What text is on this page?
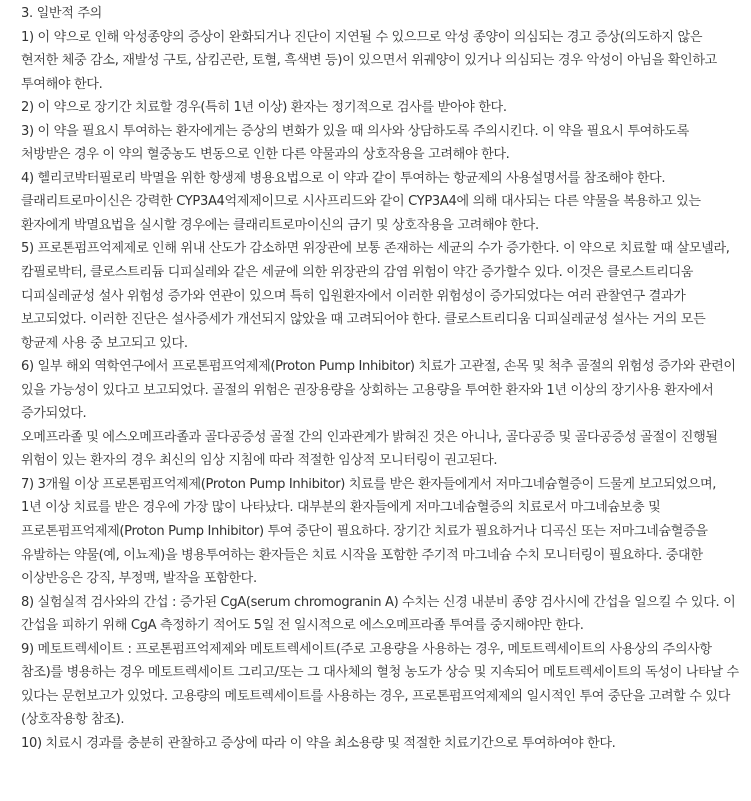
3. 일반적 주의

1) 이 약으로 인해 악성종양의 증상이 완화되거나 진단이 지연될 수 있으므로 악성 종양이 의심되는 경고 증상(의도하지 않은 현저한 체중 감소, 재발성 구토, 삼킴곤란, 토혈, 흑색변 등)이 있으면서 위궤양이 있거나 의심되는 경우 악성이 아님을 확인하고 투여해야 한다.

2) 이 약으로 장기간 치료할 경우(특히 1년 이상) 환자는 정기적으로 검사를 받아야 한다.

3) 이 약을 필요시 투여하는 환자에게는 증상의 변화가 있을 때 의사와 상담하도록 주의시킨다. 이 약을 필요시 투여하도록 처방받은 경우 이 약의 혈중농도 변동으로 인한 다른 약물과의 상호작용을 고려해야 한다.

4) 헬리코박터필로리 박멸을 위한 항생제 병용요법으로 이 약과 같이 투여하는 항균제의 사용설명서를 참조해야 한다. 클래리트로마이신은 강력한 CYP3A4억제제이므로 시사프리드와 같이 CYP3A4에 의해 대사되는 다른 약물을 복용하고 있는 환자에게 박멸요법을 실시할 경우에는 클래리트로마이신의 금기 및 상호작용을 고려해야 한다.

5) 프로톤펌프억제제로 인해 위내 산도가 감소하면 위장관에 보통 존재하는 세균의 수가 증가한다. 이 약으로 치료할 때 살모넬라, 캄필로박터, 클로스트리듐 디피실레와 같은 세균에 의한 위장관의 감염 위험이 약간 증가할수 있다. 이것은 클로스트리디움 디피실레균성 설사 위험성 증가와 연관이 있으며 특히 입원환자에서 이러한 위험성이 증가되었다는 여러 관찰연구 결과가 보고되었다. 이러한 진단은 설사증세가 개선되지 않았을 때 고려되어야 한다. 클로스트리디움 디피실레균성 설사는 거의 모든 항균제 사용 중 보고되고 있다.

6) 일부 해외 역학연구에서 프로톤펌프억제제(Proton Pump Inhibitor) 치료가 고관절, 손목 및 척추 골절의 위험성 증가와 관련이 있을 가능성이 있다고 보고되었다. 골절의 위험은 권장용량을 상회하는 고용량을 투여한 환자와 1년 이상의 장기사용 환자에서 증가되었다.

오메프라졸 및 에스오메프라졸과 골다공증성 골절 간의 인과관계가 밝혀진 것은 아니나, 골다공증 및 골다공증성 골절이 진행될 위험이 있는 환자의 경우 최신의 임상 지침에 따라 적절한 임상적 모니터링이 권고된다.

7) 3개월 이상 프로톤펌프억제제(Proton Pump Inhibitor) 치료를 받은 환자들에게서 저마그네슘혈증이 드물게 보고되었으며, 1년 이상 치료를 받은 경우에 가장 많이 나타났다. 대부분의 환자들에게 저마그네슘혈증의 치료로서 마그네슘보충 및 프로톤펌프억제제(Proton Pump Inhibitor) 투여 중단이 필요하다. 장기간 치료가 필요하거나 디곡신 또는 저마그네슘혈증을 유발하는 약물(예, 이뇨제)을 병용투여하는 환자들은 치료 시작을 포함한 주기적 마그네슘 수치 모니터링이 필요하다. 중대한 이상반응은 강직, 부정맥, 발작을 포함한다.

8) 실험실적 검사와의 간섭 : 증가된 CgA(serum chromogranin A) 수치는 신경 내분비 종양 검사시에 간섭을 일으킬 수 있다. 이 간섭을 피하기 위해 CgA 측정하기 적어도 5일 전 일시적으로 에스오메프라졸 투여를 중지해야만 한다.

9) 메토트렉세이트 : 프로톤펌프억제제와 메토트렉세이트(주로 고용량을 사용하는 경우, 메토트렉세이트의 사용상의 주의사항 참조)를 병용하는 경우 메토트렉세이트 그리고/또는 그 대사체의 혈청 농도가 상승 및 지속되어 메토트렉세이트의 독성이 나타날 수 있다는 문헌보고가 있었다. 고용량의 메토트렉세이트를 사용하는 경우, 프로톤펌프억제제의 일시적인 투여 중단을 고려할 수 있다(상호작용항 참조).

10) 치료시 경과를 충분히 관찰하고 증상에 따라 이 약을 최소용량 및 적절한 치료기간으로 투여하여야 한다.
